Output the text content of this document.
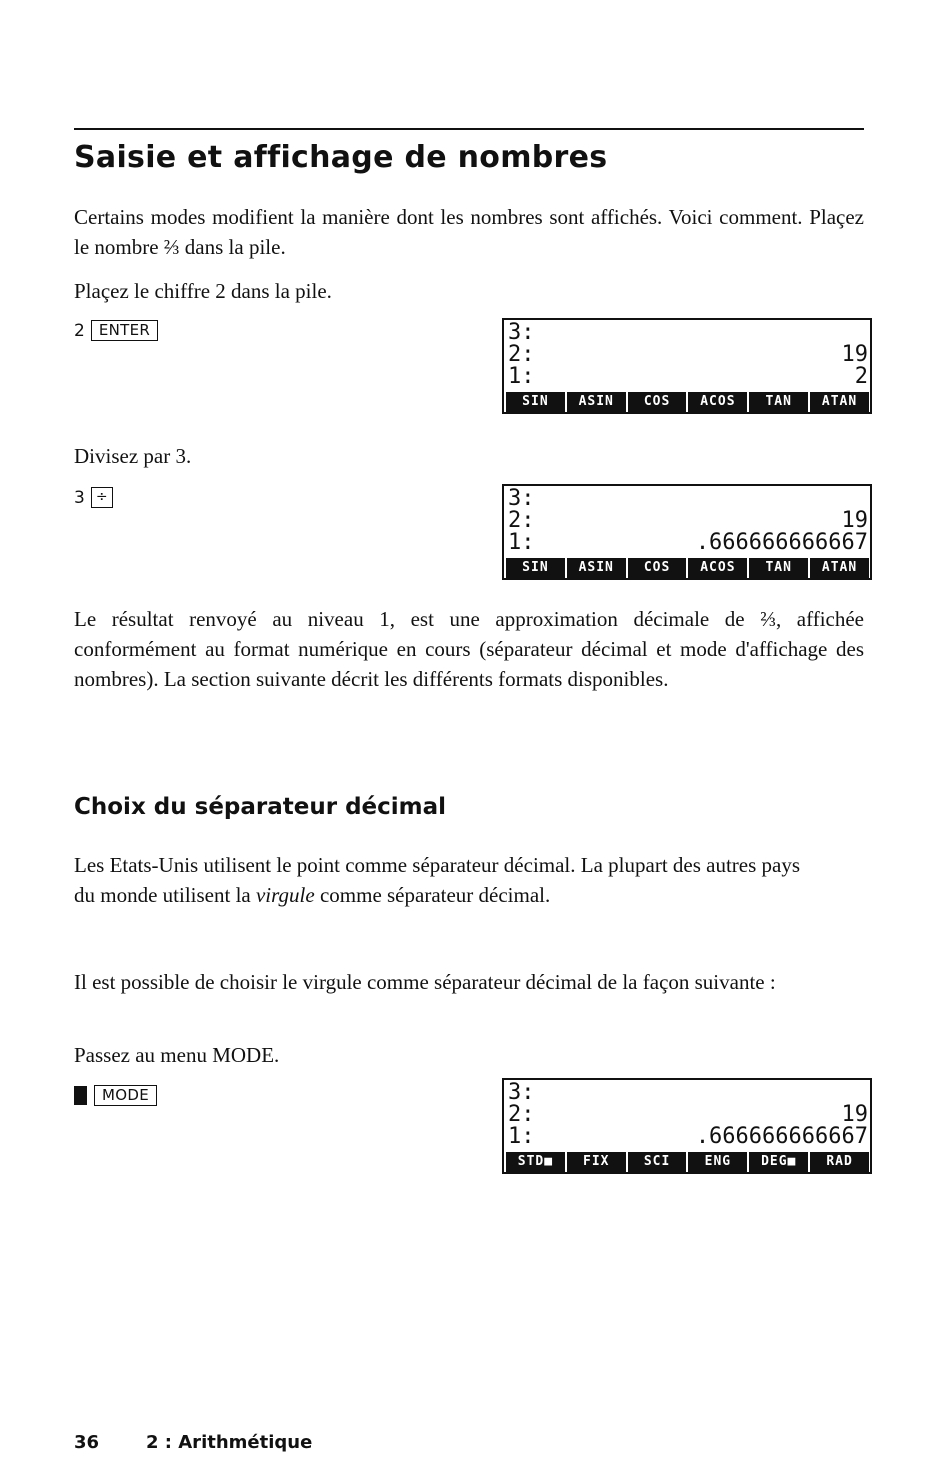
Saisie et affichage de nombres

Certains modes modifient la manière dont les nombres sont affichés. Voici comment. Plaçez le nombre ⅔ dans la pile.

Plaçez le chiffre 2 dans la pile.

2 ENTER	3:
2:	19
1:	2
SIN	ASIN	COS	ACOS	TAN	ATAN

Divisez par 3.

3 ÷	3:
2:	19
1:	.666666666667
SIN	ASIN	COS	ACOS	TAN	ATAN

Le résultat renvoyé au niveau 1, est une approximation décimale de ⅔, affichée conformément au format numérique en cours (séparateur décimal et mode d'affichage des nombres). La section suivante décrit les différents formats disponibles.

Choix du séparateur décimal

Les Etats-Unis utilisent le point comme séparateur décimal. La plupart des autres pays du monde utilisent la virgule comme séparateur décimal.

Il est possible de choisir le virgule comme séparateur décimal de la façon suivante :

Passez au menu MODE.

MODE	3:
2:	19
1:	.666666666667
STD■	FIX	SCI	ENG	DEG■	RAD
36	2 : Arithmétique
